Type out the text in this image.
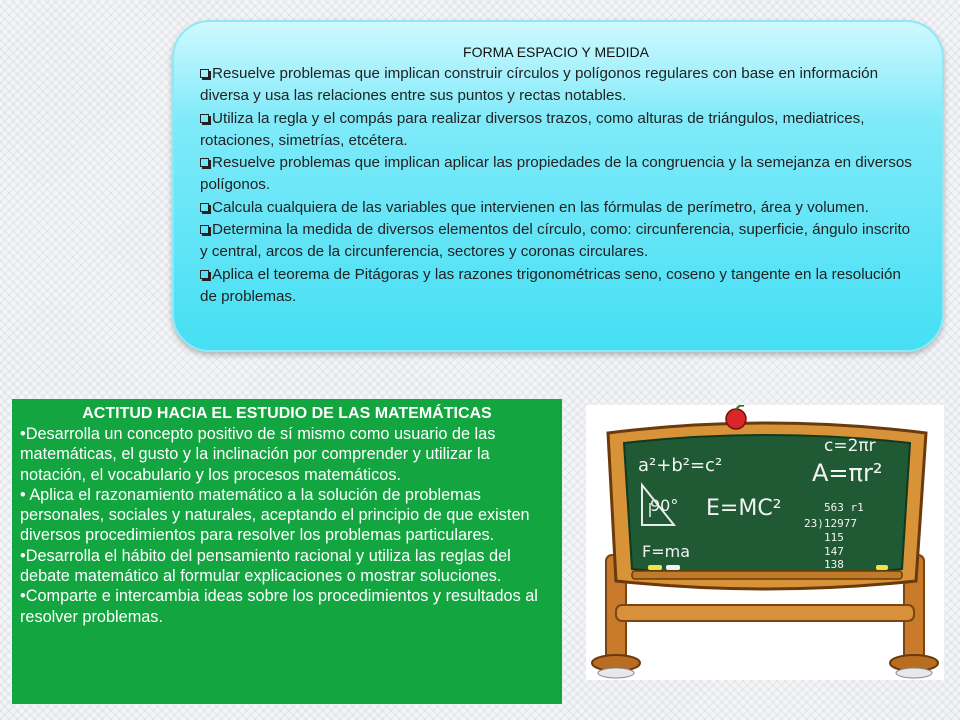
FORMA ESPACIO Y MEDIDA

Resuelve problemas que implican construir círculos y polígonos regulares con base en información diversa y usa las relaciones entre sus puntos y rectas notables.
Utiliza la regla y el compás para realizar diversos trazos, como alturas de triángulos, mediatrices, rotaciones, simetrías, etcétera.
Resuelve problemas que implican aplicar las propiedades de la congruencia y la semejanza en diversos polígonos.
Calcula cualquiera de las variables que intervienen en las fórmulas de perímetro, área y volumen.
Determina la medida de diversos elementos del círculo, como: circunferencia, superficie, ángulo inscrito y central, arcos de la circunferencia, sectores y coronas circulares.
Aplica el teorema de Pitágoras y las razones trigonométricas seno, coseno y tangente en la resolución de problemas.

ACTITUD HACIA EL ESTUDIO DE LAS MATEMÁTICAS

•Desarrolla un concepto positivo de sí mismo como usuario de las matemáticas, el gusto y la inclinación por comprender y utilizar la notación, el vocabulario y los procesos matemáticos.
• Aplica el razonamiento matemático a la solución de problemas personales, sociales y naturales, aceptando el principio de que existen diversos procedimientos para resolver los problemas particulares.
•Desarrolla el hábito del pensamiento racional y utiliza las reglas del debate matemático al formular explicaciones o mostrar soluciones.
•Comparte e intercambia ideas sobre los procedimientos y resultados al resolver problemas.
c=2πr
a²+b²=c²	A=πr²
90° E=MC²
F=ma
563 r1
23)12977
115
147
138
